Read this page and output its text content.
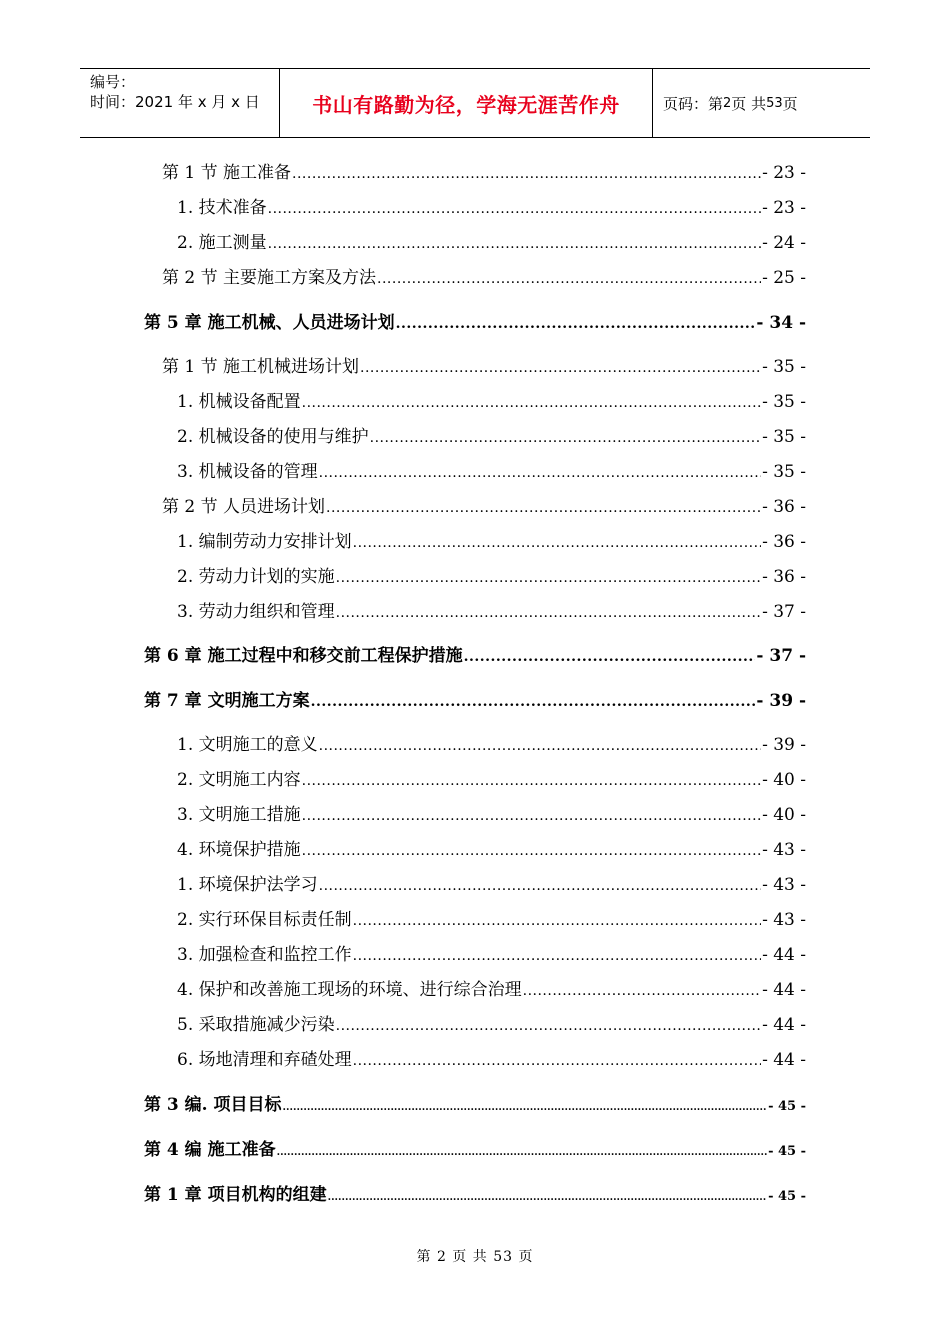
编号：
时间：2021 年 x 月 x 日	书山有路勤为径，学海无涯苦作舟	页码：第 2 页 共 53 页
第 1 节 施工准备 .....	- 23 -
1. 技术准备 .....	- 23 -
2. 施工测量 .....	- 24 -
第 2 节 主要施工方案及方法 .....	- 25 -
第 5 章 施工机械、人员进场计划 .....	- 34 -
第 1 节 施工机械进场计划 .....	- 35 -
1. 机械设备配置 .....	- 35 -
2. 机械设备的使用与维护 .....	- 35 -
3. 机械设备的管理 .....	- 35 -
第 2 节 人员进场计划 .....	- 36 -
1. 编制劳动力安排计划 .....	- 36 -
2. 劳动力计划的实施 .....	- 36 -
3. 劳动力组织和管理 .....	- 37 -
第 6 章 施工过程中和移交前工程保护措施 .....	- 37 -
第 7 章 文明施工方案 .....	- 39 -
1. 文明施工的意义 .....	- 39 -
2. 文明施工内容 .....	- 40 -
3. 文明施工措施 .....	- 40 -
4. 环境保护措施 .....	- 43 -
1. 环境保护法学习 .....	- 43 -
2. 实行环保目标责任制 .....	- 43 -
3. 加强检查和监控工作 .....	- 44 -
4. 保护和改善施工现场的环境、进行综合治理 .....	- 44 -
5. 采取措施减少污染 .....	- 44 -
6. 场地清理和弃碴处理 .....	- 44 -
第 3 编. 项目目标 .....	- 45 -
第 4 编 施工准备 .....	- 45 -
第 1 章 项目机构的组建 .....	- 45 -
第 2 页 共 53 页
